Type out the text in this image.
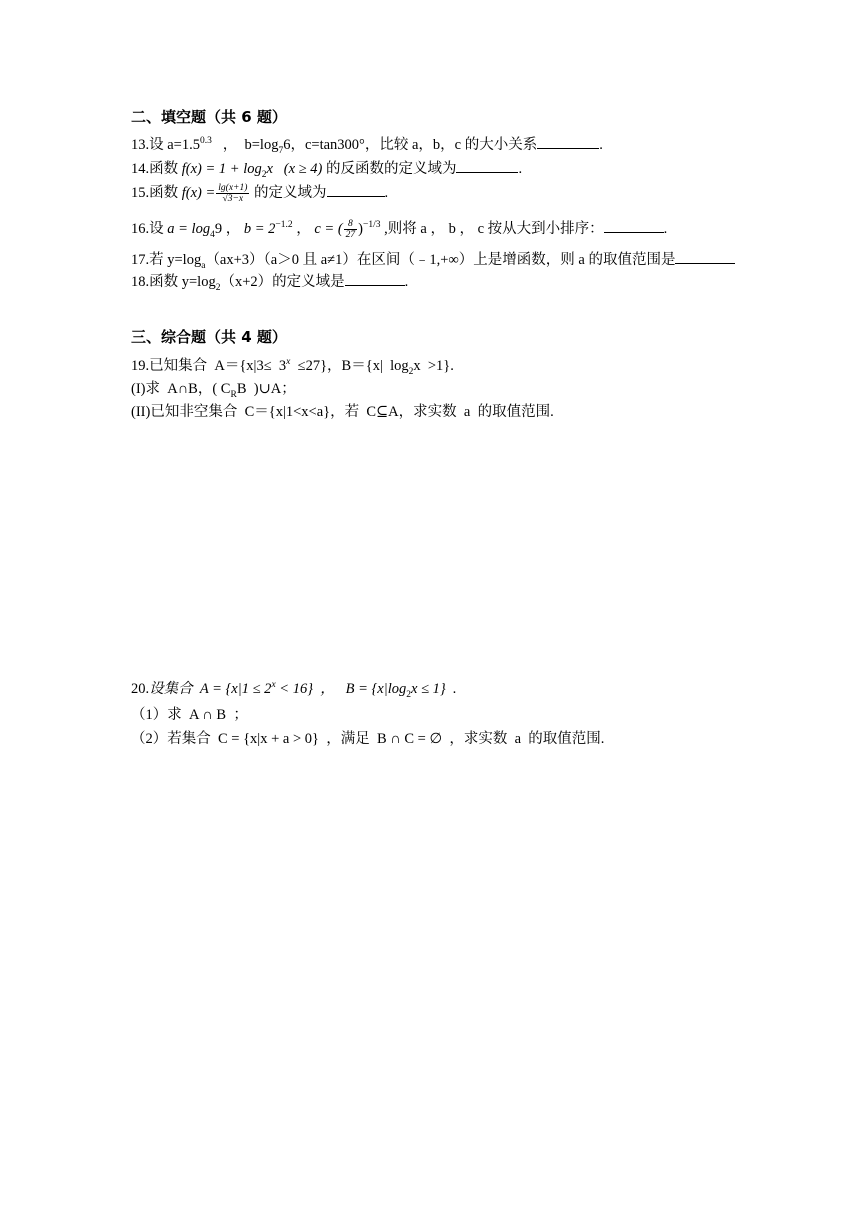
二、填空题（共 6 题）
13.设 $a=1.5^{0.3}$   ，  $b=\log_76$，c=tan300°，比较 a，b，c 的大小关系	.
14.函数 $f(x) = 1 + \log_2x$   (x ≥ 4) 的反函数的定义域为	.
15.函数 $f(x) = \frac{\lg(x+1)}{√3-x}$ 的定义域为	.
16.设 $a = \log_49$ ， $b = 2^{-1.2}$ ， c = ( $\frac{8}{27} )^{-1/3}$ ,则将 a ， b ， c 按从大到小排序：	.
17.若 $y=\log_a(ax+3)(a>0$ 且 a≠1）在区间（﹣1,+∞）上是增函数，则 a 的取值范围是
18.函数 $y=\log_2(x+2)$的定义域是	.
三、综合题（共 4 题）
19.已知集合  A＝{x|3≤  3$^x$  ≤27}，B＝{x|  $\log_2x >1$}.
(I)求  A∩B，( $C_RB$  )∪A；
(II)已知非空集合  C＝{x|1<x<a}，若  C⊆A，求实数  a  的取值范围.
20.设集合  $A = \{x|1 \le 2^x < 16\}$  ，   $B = \{x|\log_2x \le 1\}$  .
（1）求  A ∩ B  ；
（2）若集合  C = {x|x + a > 0}  ，满足  B ∩ C = ∅  ，求实数  a  的取值范围.
